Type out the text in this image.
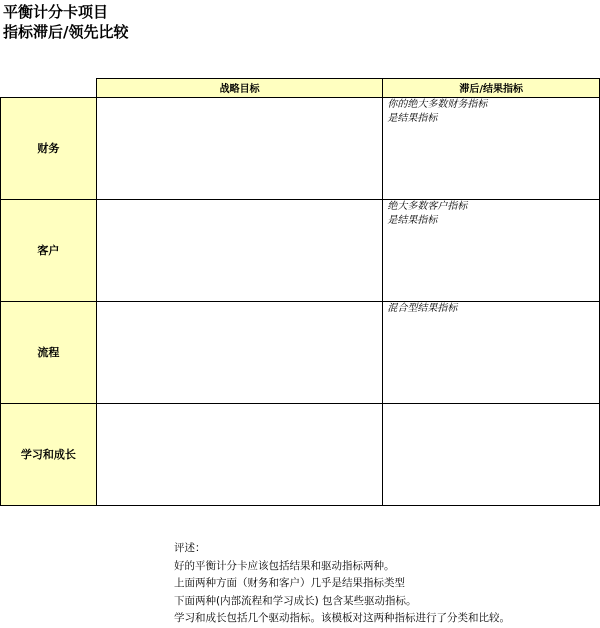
平衡计分卡项目
指标滞后/领先比较
	战略目标	滞后/结果指标
财务		你的绝大多数财务指标
是结果指标

客户		绝大多数客户指标
是结果指标

流程		混合型结果指标

学习和成长		
评述：
好的平衡计分卡应该包括结果和驱动指标两种。
上面两种方面（财务和客户）几乎是结果指标类型
下面两种(内部流程和学习成长) 包含某些驱动指标。
学习和成长包括几个驱动指标。该模板对这两种指标进行了分类和比较。
